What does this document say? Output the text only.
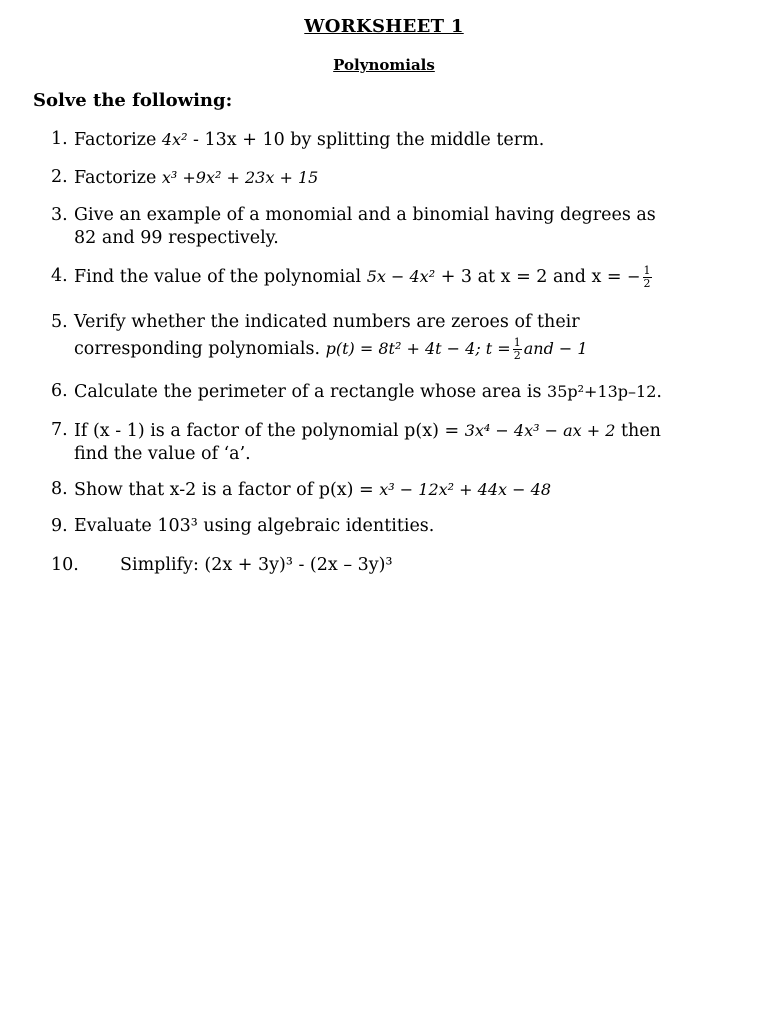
WORKSHEET 1
Polynomials
Solve the following:
1. Factorize 4x² - 13x + 10 by splitting the middle term.
2. Factorize x³ +9x² + 23x + 15
3. Give an example of a monomial and a binomial having degrees as
82 and 99 respectively.
4. Find the value of the polynomial 5x − 4x² + 3 at x = 2 and x = − $\frac{1}{2}$
5. Verify whether the indicated numbers are zeroes of their
corresponding polynomials. p(t) = 8t² + 4t − 4; $t = \frac{1}{2}$ and − 1
6. Calculate the perimeter of a rectangle whose area is 35p²+13p–12.
7. If (x - 1) is a factor of the polynomial p(x) = 3x⁴ − 4x³ − ax + 2 then
find the value of ‘a’.
8. Show that x-2 is a factor of p(x) = x³ − 12x² + 44x − 48
9. Evaluate 103³ using algebraic identities.
10. Simplify: (2x + 3y)³ - (2x – 3y)³
